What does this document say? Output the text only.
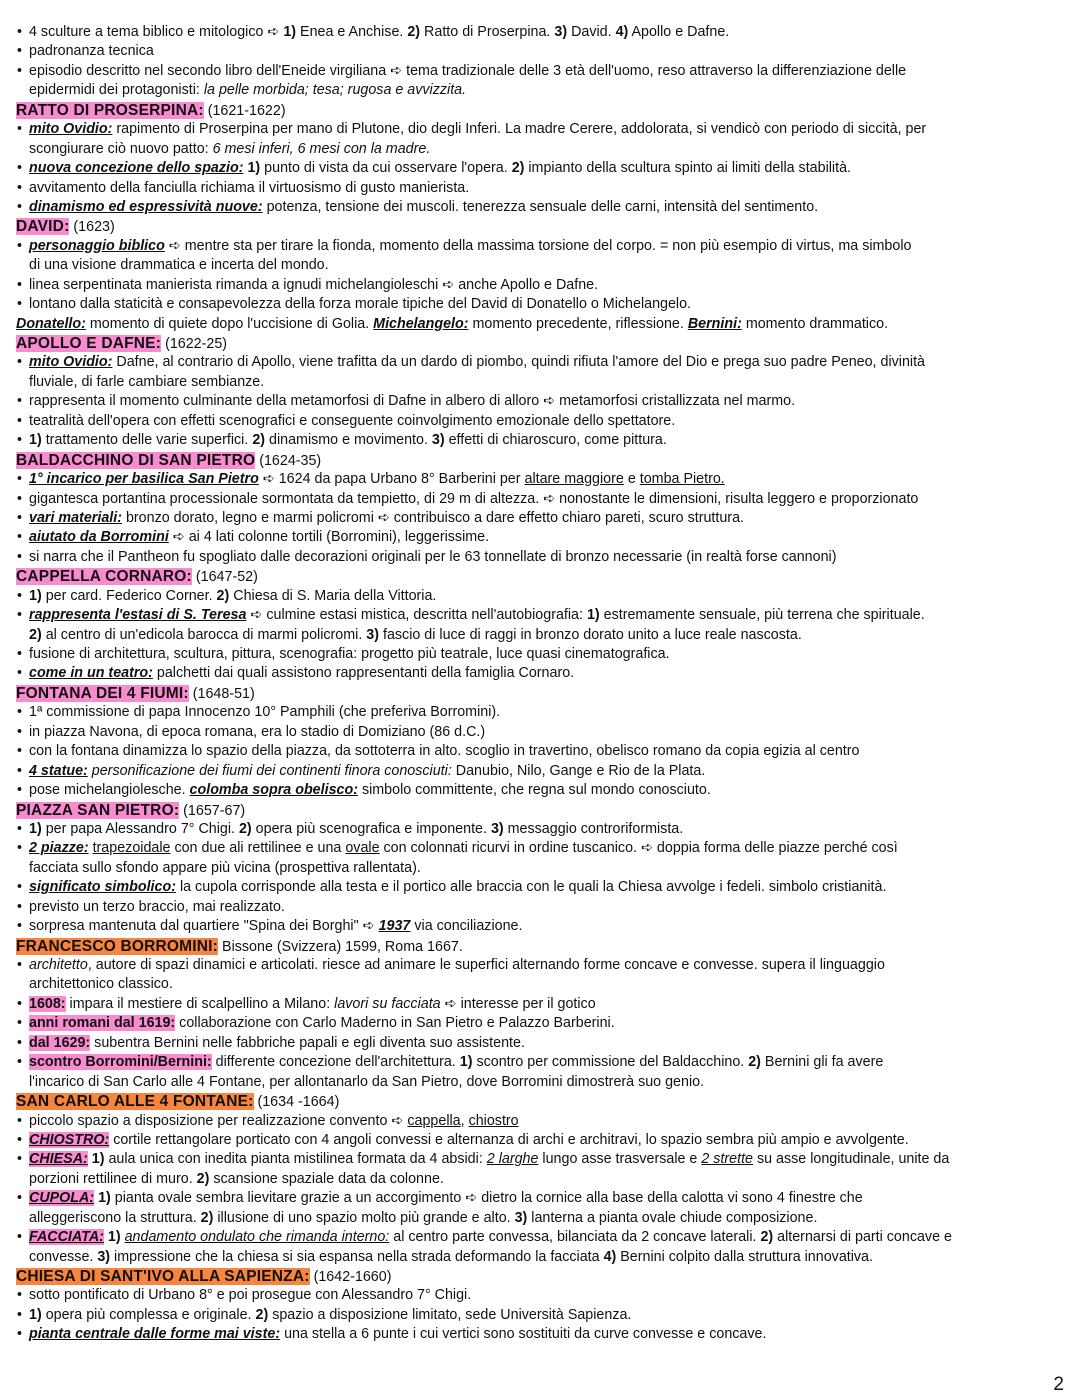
• 4 sculture a tema biblico e mitologico ➪ 1) Enea e Anchise. 2) Ratto di Proserpina. 3) David. 4) Apollo e Dafne.
• padronanza tecnica
• episodio descritto nel secondo libro dell'Eneide virgiliana ➪ tema tradizionale delle 3 età dell'uomo, reso attraverso la differenziazione delle
epidermidi dei protagonisti: la pelle morbida; tesa; rugosa e avvizzita.
RATTO DI PROSERPINA: (1621-1622)
• mito Ovidio: rapimento di Proserpina per mano di Plutone, dio degli Inferi. La madre Cerere, addolorata, si vendicò con periodo di siccità, per
scongiurare ciò nuovo patto: 6 mesi inferi, 6 mesi con la madre.
• nuova concezione dello spazio: 1) punto di vista da cui osservare l'opera. 2) impianto della scultura spinto ai limiti della stabilità.
• avvitamento della fanciulla richiama il virtuosismo di gusto manierista.
• dinamismo ed espressività nuove: potenza, tensione dei muscoli. tenerezza sensuale delle carni, intensità del sentimento.
DAVID: (1623)
• personaggio biblico ➪ mentre sta per tirare la fionda, momento della massima torsione del corpo. = non più esempio di virtus, ma simbolo
di una visione drammatica e incerta del mondo.
• linea serpentinata manierista rimanda a ignudi michelangioleschi ➪ anche Apollo e Dafne.
• lontano dalla staticità e consapevolezza della forza morale tipiche del David di Donatello o Michelangelo.
Donatello: momento di quiete dopo l'uccisione di Golia. Michelangelo: momento precedente, riflessione. Bernini: momento drammatico.
APOLLO E DAFNE: (1622-25)
• mito Ovidio: Dafne, al contrario di Apollo, viene trafitta da un dardo di piombo, quindi rifiuta l'amore del Dio e prega suo padre Peneo, divinità
fluviale, di farle cambiare sembianze.
• rappresenta il momento culminante della metamorfosi di Dafne in albero di alloro ➪ metamorfosi cristallizzata nel marmo.
• teatralità dell'opera con effetti scenografici e conseguente coinvolgimento emozionale dello spettatore.
• 1) trattamento delle varie superfici. 2) dinamismo e movimento. 3) effetti di chiaroscuro, come pittura.
BALDACCHINO DI SAN PIETRO (1624-35)
• 1° incarico per basilica San Pietro ➪ 1624 da papa Urbano 8° Barberini per altare maggiore e tomba Pietro.
• gigantesca portantina processionale sormontata da tempietto, di 29 m di altezza. ➪ nonostante le dimensioni, risulta leggero e proporzionato
• vari materiali: bronzo dorato, legno e marmi policromi ➪ contribuisco a dare effetto chiaro pareti, scuro struttura.
• aiutato da Borromini ➪ ai 4 lati colonne tortili (Borromini), leggerissime.
• si narra che il Pantheon fu spogliato dalle decorazioni originali per le 63 tonnellate di bronzo necessarie (in realtà forse cannoni)
CAPPELLA CORNARO: (1647-52)
• 1) per card. Federico Corner. 2) Chiesa di S. Maria della Vittoria.
• rappresenta l'estasi di S. Teresa ➪ culmine estasi mistica, descritta nell'autobiografia: 1) estremamente sensuale, più terrena che spirituale.
2) al centro di un'edicola barocca di marmi policromi. 3) fascio di luce di raggi in bronzo dorato unito a luce reale nascosta.
• fusione di architettura, scultura, pittura, scenografia: progetto più teatrale, luce quasi cinematografica.
• come in un teatro: palchetti dai quali assistono rappresentanti della famiglia Cornaro.
FONTANA DEI 4 FIUMI: (1648-51)
• 1ª commissione di papa Innocenzo 10° Pamphili (che preferiva Borromini).
• in piazza Navona, di epoca romana, era lo stadio di Domiziano (86 d.C.)
• con la fontana dinamizza lo spazio della piazza, da sottoterra in alto. scoglio in travertino, obelisco romano da copia egizia al centro
• 4 statue: personificazione dei fiumi dei continenti finora conosciuti: Danubio, Nilo, Gange e Rio de la Plata.
• pose michelangiolesche. colomba sopra obelisco: simbolo committente, che regna sul mondo conosciuto.
PIAZZA SAN PIETRO: (1657-67)
• 1) per papa Alessandro 7° Chigi. 2) opera più scenografica e imponente. 3) messaggio controriformista.
• 2 piazze: trapezoidale con due ali rettilinee e una ovale con colonnati ricurvi in ordine tuscanico. ➪ doppia forma delle piazze perché così
facciata sullo sfondo appare più vicina (prospettiva rallentata).
• significato simbolico: la cupola corrisponde alla testa e il portico alle braccia con le quali la Chiesa avvolge i fedeli. simbolo cristianità.
• previsto un terzo braccio, mai realizzato.
• sorpresa mantenuta dal quartiere "Spina dei Borghi" ➪ 1937 via conciliazione.
FRANCESCO BORROMINI: Bissone (Svizzera) 1599, Roma 1667.
• architetto, autore di spazi dinamici e articolati. riesce ad animare le superfici alternando forme concave e convesse. supera il linguaggio
architettonico classico.
• 1608: impara il mestiere di scalpellino a Milano: lavori su facciata ➪ interesse per il gotico
• anni romani dal 1619: collaborazione con Carlo Maderno in San Pietro e Palazzo Barberini.
• dal 1629: subentra Bernini nelle fabbriche papali e egli diventa suo assistente.
• scontro Borromini/Bernini: differente concezione dell'architettura. 1) scontro per commissione del Baldacchino. 2) Bernini gli fa avere
l'incarico di San Carlo alle 4 Fontane, per allontanarlo da San Pietro, dove Borromini dimostrerà suo genio.
SAN CARLO ALLE 4 FONTANE: (1634 -1664)
• piccolo spazio a disposizione per realizzazione convento ➪ cappella, chiostro
• CHIOSTRO: cortile rettangolare porticato con 4 angoli convessi e alternanza di archi e architravi, lo spazio sembra più ampio e avvolgente.
• CHIESA: 1) aula unica con inedita pianta mistilinea formata da 4 absidi: 2 larghe lungo asse trasversale e 2 strette su asse longitudinale, unite da
porzioni rettilinee di muro. 2) scansione spaziale data da colonne.
• CUPOLA: 1) pianta ovale sembra lievitare grazie a un accorgimento ➪ dietro la cornice alla base della calotta vi sono 4 finestre che
alleggeriscono la struttura. 2) illusione di uno spazio molto più grande e alto. 3) lanterna a pianta ovale chiude composizione.
• FACCIATA: 1) andamento ondulato che rimanda interno: al centro parte convessa, bilanciata da 2 concave laterali. 2) alternarsi di parti concave e
convesse. 3) impressione che la chiesa si sia espansa nella strada deformando la facciata 4) Bernini colpito dalla struttura innovativa.
CHIESA DI SANT'IVO ALLA SAPIENZA: (1642-1660)
• sotto pontificato di Urbano 8° e poi prosegue con Alessandro 7° Chigi.
• 1) opera più complessa e originale. 2) spazio a disposizione limitato, sede Università Sapienza.
• pianta centrale dalle forme mai viste: una stella a 6 punte i cui vertici sono sostituiti da curve convesse e concave.
2
